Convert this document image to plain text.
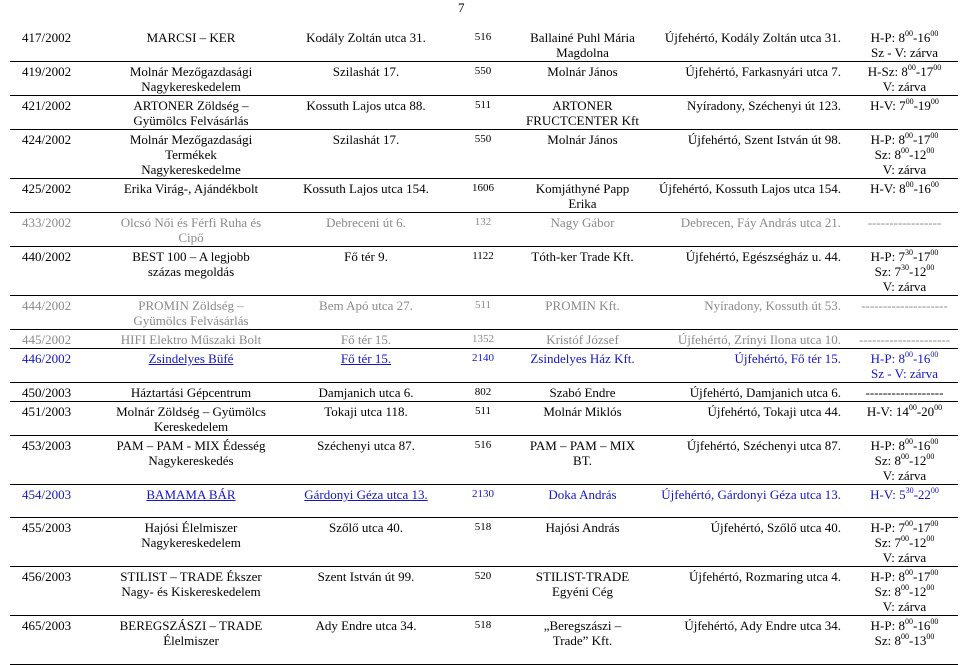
7
417/2002	MARCSI – KER	Kodály Zoltán utca 31.	516	Ballainé Puhl Mária
Magdolna	Újfehértó, Kodály Zoltán utca 31.	H-P: $8^{00}-16^{00}$
Sz - V: zárva

419/2002	Molnár Mezőgazdasági
Nagykereskedelem	Szilashát 17.	550	Molnár János	Újfehértó, Farkasnyári utca 7.	H-Sz: $8^{00}-17^{00}$
V: zárva

421/2002	ARTONER Zöldség –
Gyümölcs Felvásárlás	Kossuth Lajos utca 88.	511	ARTONER
FRUCTCENTER Kft	Nyíradony, Széchenyi út 123.	H-V: $7^{00}-19^{00}$

424/2002	Molnár Mezőgazdasági
Termékek
Nagykereskedelme	Szilashát 17.	550	Molnár János	Újfehértó, Szent István út 98.	H-P: $8^{00}-17^{00}$
Sz: $8^{00}-12^{00}$
V: zárva

425/2002	Erika Virág-, Ajándékbolt	Kossuth Lajos utca 154.	1606	Komjáthyné Papp
Erika	Újfehértó, Kossuth Lajos utca 154.	H-V: $8^{00}-16^{00}$

433/2002	Olcsó Női és Férfi Ruha és
Cipő	Debreceni út 6.	132	Nagy Gábor	Debrecen, Fáy András utca 21.	-----------------

440/2002	BEST 100 – A legjobb
százas megoldás	Fő tér 9.	1122	Tóth-ker Trade Kft.	Újfehértó, Egészségház u. 44.	H-P: $7^{30}-17^{00}$
Sz: $7^{30}-12^{00}$
V: zárva

444/2002	PROMIN Zöldség –
Gyümölcs Felvásárlás	Bem Apó utca 27.	511	PROMIN Kft.	Nyíradony, Kossuth út 53.	--------------------

445/2002	HIFI Elektro Műszaki Bolt	Fő tér 15.	1352	Kristóf József	Újfehértó, Zrínyi Ilona utca 10.	---------------------

446/2002	Zsindelyes Büfé	Fő tér 15.	2140	Zsindelyes Ház Kft.	Újfehértó, Fő tér 15.	H-P: $8^{00}-16^{00}$
Sz - V: zárva

450/2003	Háztartási Gépcentrum	Damjanich utca 6.	802	Szabó Endre	Újfehértó, Damjanich utca 6.	------------------

451/2003	Molnár Zöldség – Gyümölcs
Kereskedelem	Tokaji utca 118.	511	Molnár Miklós	Újfehértó, Tokaji utca 44.	H-V: $14^{00}-20^{00}$

453/2003	PAM – PAM - MIX Édesség
Nagykereskedés	Széchenyi utca 87.	516	PAM – PAM – MIX
BT.	Újfehértó, Széchenyi utca 87.	H-P: $8^{00}-16^{00}$
Sz: $8^{00}-12^{00}$
V: zárva

454/2003	BAMAMA BÁR	Gárdonyi Géza utca 13.	2130	Doka András	Újfehértó, Gárdonyi Géza utca 13.	H-V: $5^{30}-22^{00}$

455/2003	Hajósi Élelmiszer
Nagykereskedelem	Szőlő utca 40.	518	Hajósi András	Újfehértó, Szőlő utca 40.	H-P: $7^{00}-17^{00}$
Sz: $7^{00}-12^{00}$
V: zárva

456/2003	STILIST – TRADE Ékszer
Nagy- és Kiskereskedelem	Szent István út 99.	520	STILIST-TRADE
Egyéni Cég	Újfehértó, Rozmaring utca 4.	H-P: $8^{00}-17^{00}$
Sz: $8^{00}-12^{00}$
V: zárva

465/2003	BEREGSZÁSZI – TRADE
Élelmiszer	Ady Endre utca 34.	518	„Beregszászi –
Trade” Kft.	Újfehértó, Ady Endre utca 34.	H-P: $8^{00}-16^{00}$
Sz: $8^{00}-13^{00}$
